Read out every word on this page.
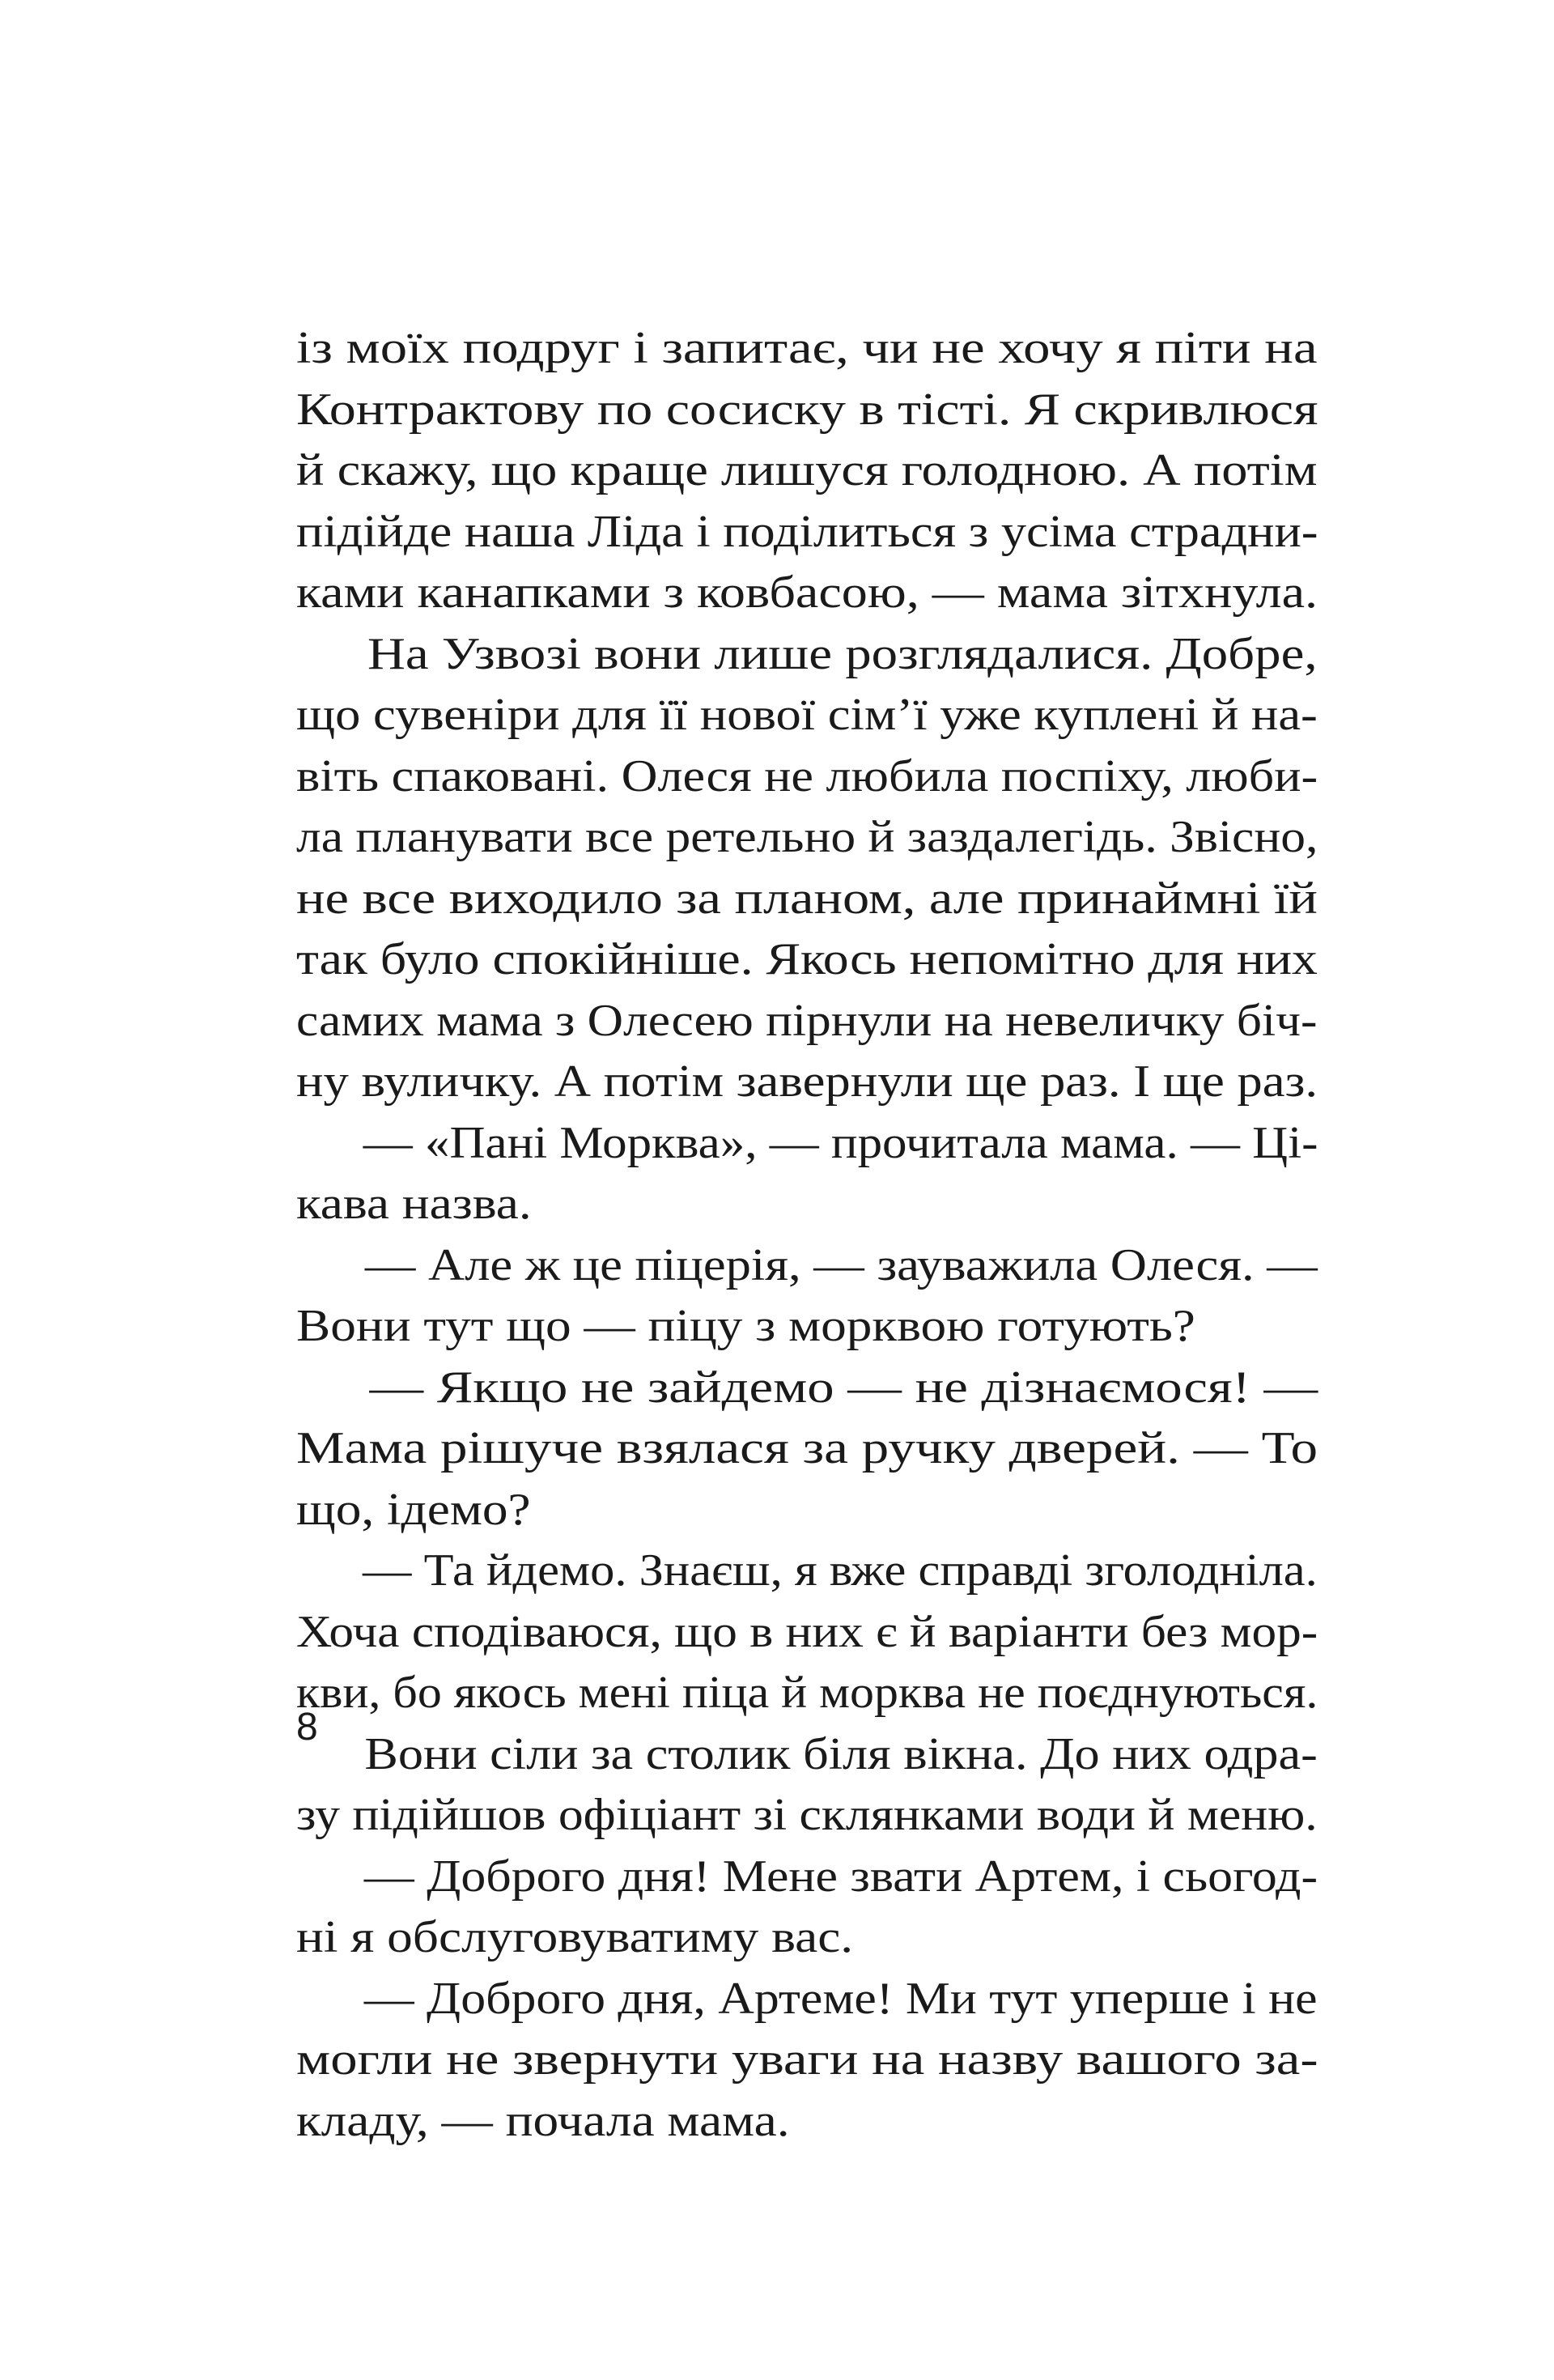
із моїх подруг і запитає, чи не хочу я піти на
Контрактову по сосиску в тісті. Я скривлюся
й скажу, що краще лишуся голодною. А потім
підійде наша Ліда і поділиться з усіма страдни-
ками канапками з ковбасою, — мама зітхнула.
На Узвозі вони лише розглядалися. Добре,
що сувеніри для її нової сім’ї уже куплені й на-
віть спаковані. Олеся не любила поспіху, люби-
ла планувати все ретельно й заздалегідь. Звісно,
не все виходило за планом, але принаймні їй
так було спокійніше. Якось непомітно для них
самих мама з Олесею пірнули на невеличку біч-
ну вуличку. А потім завернули ще раз. І ще раз.
— «Пані Морква», — прочитала мама. — Ці-
кава назва.
— Але ж це піцерія, — зауважила Олеся. —
Вони тут що — піцу з морквою готують?
— Якщо не зайдемо — не дізнаємося! —
Мама рішуче взялася за ручку дверей. — То
що, ідемо?
— Та йдемо. Знаєш, я вже справді зголодніла.
Хоча сподіваюся, що в них є й варіанти без мор-
кви, бо якось мені піца й морква не поєднуються.
Вони сіли за столик біля вікна. До них одра-
зу підійшов офіціант зі склянками води й меню.
— Доброго дня! Мене звати Артем, і сьогод-
ні я обслуговуватиму вас.
— Доброго дня, Артеме! Ми тут уперше і не
могли не звернути уваги на назву вашого за-
кладу, — почала мама.
8
